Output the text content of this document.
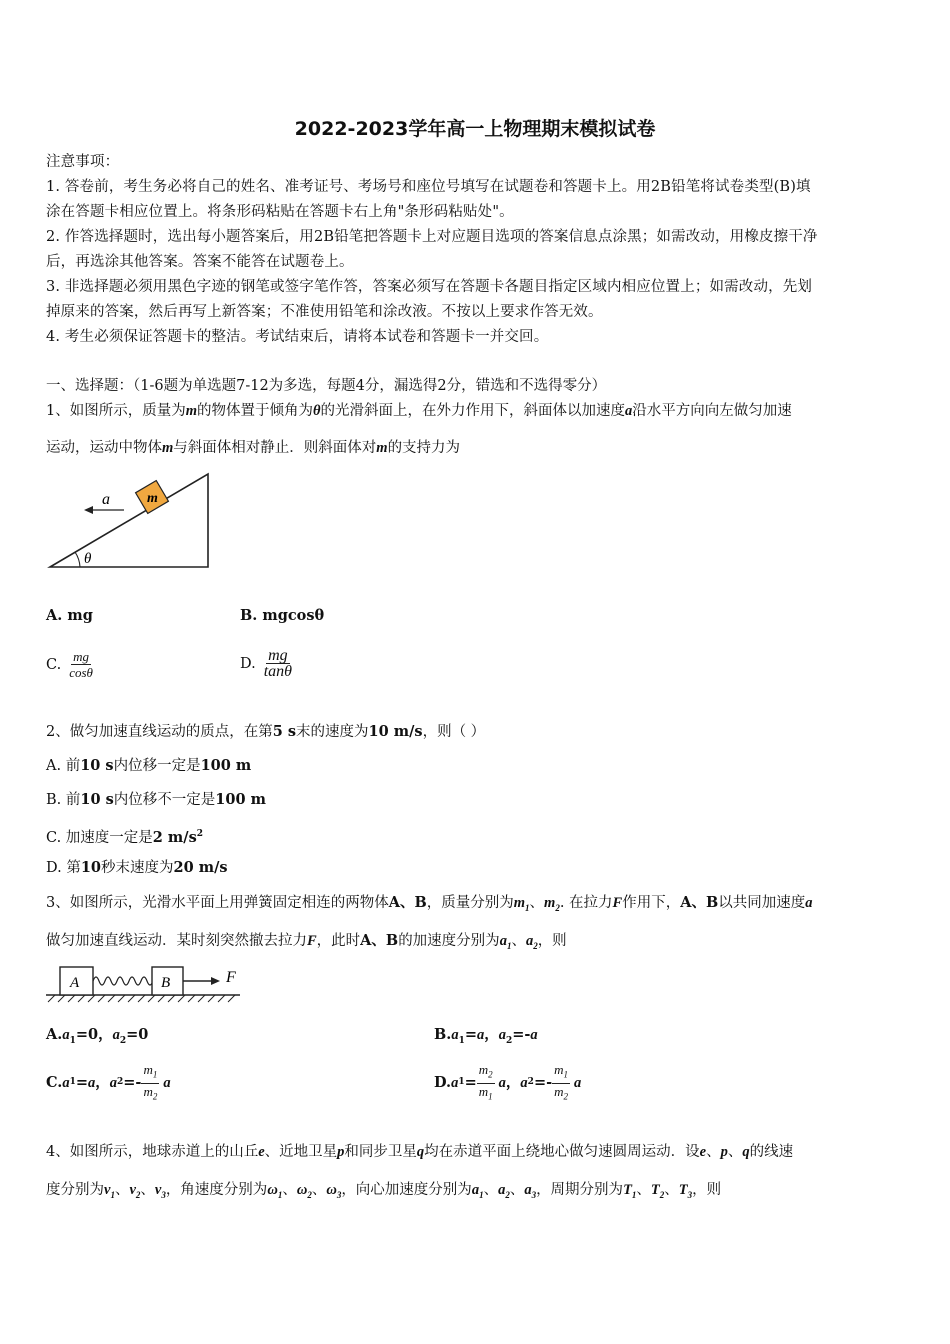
2022-2023学年高一上物理期末模拟试卷
注意事项：
1. 答卷前，考生务必将自己的姓名、准考证号、考场号和座位号填写在试题卷和答题卡上。用2B铅笔将试卷类型(B)填
涂在答题卡相应位置上。将条形码粘贴在答题卡右上角"条形码粘贴处"。
2. 作答选择题时，选出每小题答案后，用2B铅笔把答题卡上对应题目选项的答案信息点涂黑；如需改动，用橡皮擦干净
后，再选涂其他答案。答案不能答在试题卷上。
3. 非选择题必须用黑色字迹的钢笔或签字笔作答，答案必须写在答题卡各题目指定区域内相应位置上；如需改动，先划
掉原来的答案，然后再写上新答案；不准使用铅笔和涂改液。不按以上要求作答无效。
4. 考生必须保证答题卡的整洁。考试结束后，请将本试卷和答题卡一并交回。
一、选择题：（1-6题为单选题7-12为多选，每题4分，漏选得2分，错选和不选得零分）
1、如图所示，质量为m的物体置于倾角为θ的光滑斜面上，在外力作用下，斜面体以加速度a沿水平方向向左做匀加速
运动，运动中物体m与斜面体相对静止．则斜面体对m的支持力为
θ
m
a
A. mg	B. mgcosθ
C. $\frac{mg}{\cos\theta}$	D. $\frac{mg}{\tan\theta}$
2、做匀加速直线运动的质点，在第5 s末的速度为10 m/s，则（ ）
A. 前10 s内位移一定是100 m
B. 前10 s内位移不一定是100 m
C. 加速度一定是2 $m/s^2$
D. 第10秒末速度为20 m/s
3、如图所示，光滑水平面上用弹簧固定相连的两物体A、B，质量分别为$m_1$、$m_2$. 在拉力F作用下，A、B以共同加速度a
做匀加速直线运动．某时刻突然撤去拉力F，此时A、B的加速度分别为$a_1$、$a_2$，则
A	B	F
$A.a_1=0$，$a_2=0$	$B.a_1=a$，$a_2=-a$
C. a 1 = a ， a $2 =- \frac{m_1}{m_2}$ a	D. a $1 = \frac{m_2}{m_1}$ a ， a $2 =- \frac{m_1}{m_2}$ a
4、如图所示，地球赤道上的山丘e、近地卫星p和同步卫星q均在赤道平面上绕地心做匀速圆周运动．设e、p、q的线速
度分别为$v_1$、$v_2$、$v_3$，角速度分别为$\omega_1$、$\omega_2$、$\omega_3$，向心加速度分别为$a_1$、$a_2$、$a_3$，周期分别为$T_1$、$T_2$、$T_3$，则
